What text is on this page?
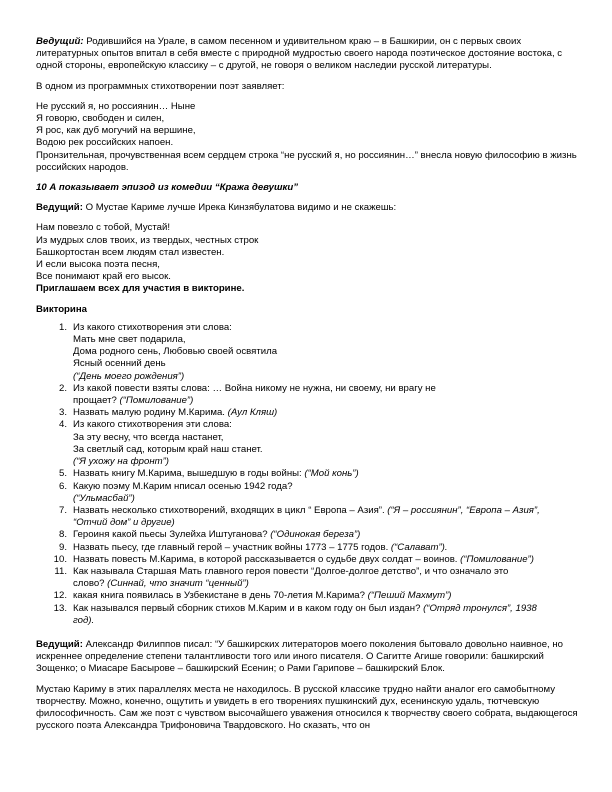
Ведущий: Родившийся на Урале, в самом песенном и удивительном краю – в Башкирии, он с первых своих литературных опытов впитал в себя вместе с природной мудростью своего народа поэтическое достояние востока, с одной стороны, европейскую классику – с другой, не говоря о великом наследии русской литературы.

В одном из программных стихотворении поэт заявляет:

Не русский я, но россиянин… Ныне

Я говорю, свободен и силен,

Я рос, как дуб могучий на вершине,

Водою рек российских напоен.

Пронзительная, прочувственная всем сердцем строка “не русский я, но россиянин…” внесла новую философию в жизнь российских народов.

10 А показывает эпизод из комедии “Кража девушки”

Ведущий: О Мустае Кариме лучше Ирека Кинзябулатова видимо и не скажешь:

Нам повезло с тобой, Мустай!

Из мудрых слов твоих, из твердых, честных строк

Башкортостан всем людям стал известен.

И если высока поэта песня,

Все понимают край его высок.

Приглашаем всех для участия в викторине.

Викторина

1. Из какого стихотворения эти слова:
Мать мне свет подарила,
Дома родного сень, Любовью своей освятила
Ясный осенний день
(“День моего рождения”)
2. Из какой повести взяты слова: … Война никому не нужна, ни своему, ни врагу не
прощает? (“Помилование”)
3. Назвать малую родину М.Карима. (Аул Кляш)
4. Из какого стихотворения эти слова:
За эту весну, что всегда настанет,
За светлый сад, которым край наш станет.
(“Я ухожу на фронт”)
5. Назвать книгу М.Карима, вышедшую в годы войны: (“Мой конь”)
6. Какую поэму М.Карим нписал осенью 1942 года?
(“Ульмасбай”)
7. Назвать несколько стихотворений, входящих в цикл “ Европа – Азия”. (“Я – россиянин”, “Европа – Азия”,
“Отчий дом” и другие)
8. Героиня какой пьесы Зулейха Иштуганова? (“Одинокая береза”)
9. Назвать пьесу, где главный герой – участник войны 1773 – 1775 годов. (“Салават”).
10. Назвать повесть М.Карима, в которой рассказывается о судьбе двух солдат – воинов. (“Помилование”)
11. Как называла Старшая Мать главного героя повести “Долгое-долгое детство”, и что означало это
слово? (Синнай, что значит “ценный”)
12. какая книга появилась в Узбекистане в день 70-летия М.Карима? (“Пеший Махмут”)
13. Как назывался первый сборник стихов М.Карим и в каком году он был издан? (“Отряд тронулся”, 1938
год).

Ведущий: Александр Филиппов писал: “У башкирских литераторов моего поколения бытовало довольно наивное, но искреннее определение степени талантливости того или иного писателя. О Сагитте Агише говорили: башкирский Зощенко; о Миасаре Басырове – башкирский Есенин; о Рами Гарипове – башкирский Блок.

Мустаю Кариму в этих параллелях места не находилось. В русской классике трудно найти аналог его самобытному творчеству. Можно, конечно, ощутить и увидеть в его творениях пушкинский дух, есенинскую удаль, тютчевскую философичность. Сам же поэт с чувством высочайшего уважения относился к творчеству своего собрата, выдающегося русского поэта Александра Трифоновича Твардовского. Но сказать, что он
